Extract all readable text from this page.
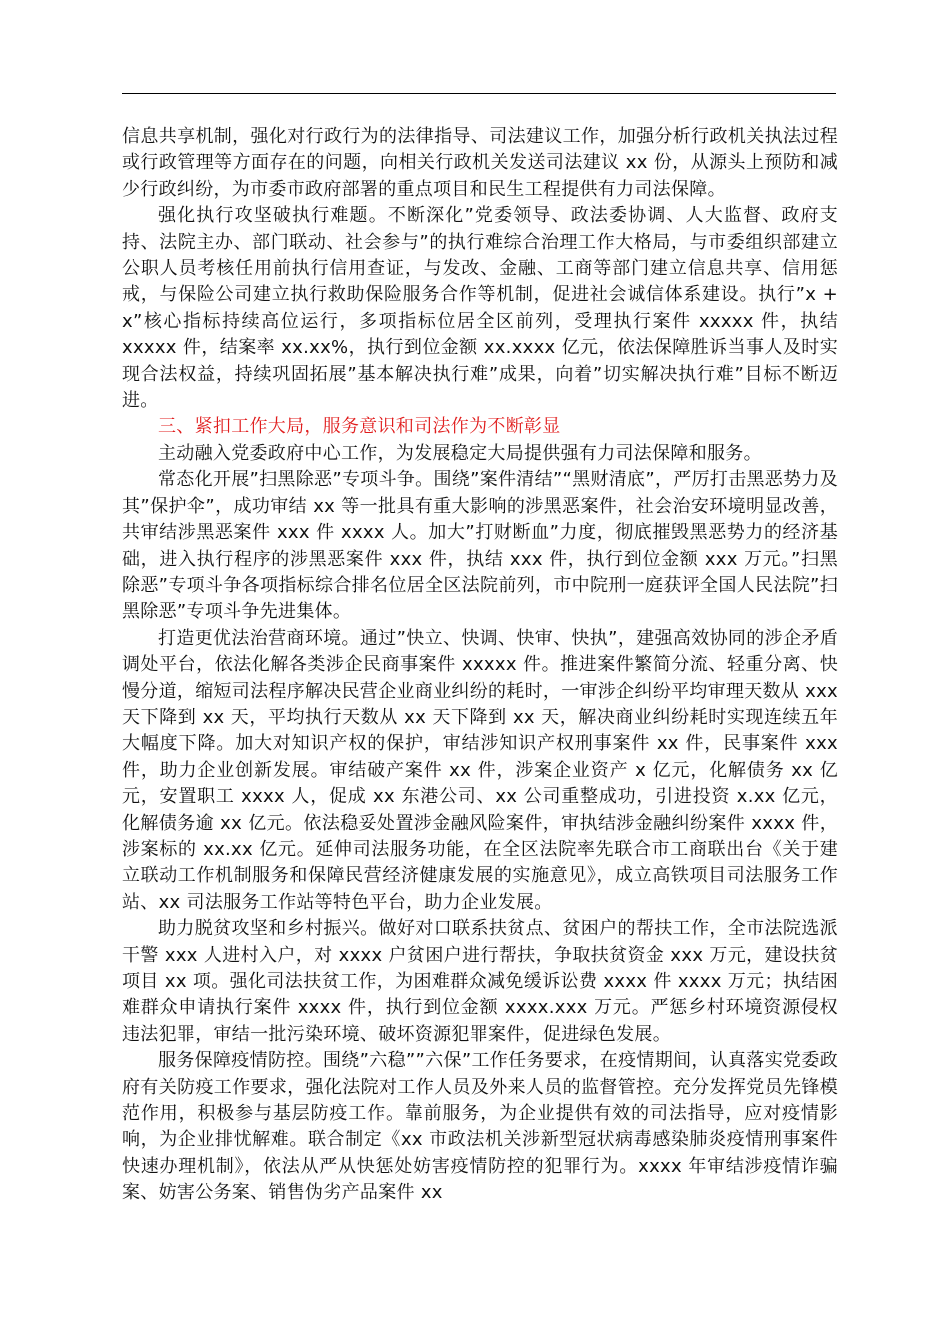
信息共享机制，强化对行政行为的法律指导、司法建议工作，加强分析行政机关执法过程或行政管理等方面存在的问题，向相关行政机关发送司法建议 xx 份，从源头上预防和减少行政纠纷，为市委市政府部署的重点项目和民生工程提供有力司法保障。

强化执行攻坚破执行难题。不断深化”党委领导、政法委协调、人大监督、政府支持、法院主办、部门联动、社会参与”的执行难综合治理工作大格局，与市委组织部建立公职人员考核任用前执行信用查证，与发改、金融、工商等部门建立信息共享、信用惩戒，与保险公司建立执行救助保险服务合作等机制，促进社会诚信体系建设。执行”x + x”核心指标持续高位运行，多项指标位居全区前列，受理执行案件 xxxxx 件，执结 xxxxx 件，结案率 xx.xx%，执行到位金额 xx.xxxx 亿元，依法保障胜诉当事人及时实现合法权益，持续巩固拓展”基本解决执行难”成果，向着”切实解决执行难”目标不断迈进。

三、紧扣工作大局，服务意识和司法作为不断彰显

主动融入党委政府中心工作，为发展稳定大局提供强有力司法保障和服务。

常态化开展”扫黑除恶”专项斗争。围绕”案件清结”“黑财清底”，严厉打击黑恶势力及其”保护伞”，成功审结 xx 等一批具有重大影响的涉黑恶案件，社会治安环境明显改善，共审结涉黑恶案件 xxx 件 xxxx 人。加大”打财断血”力度，彻底摧毁黑恶势力的经济基础，进入执行程序的涉黑恶案件 xxx 件，执结 xxx 件，执行到位金额 xxx 万元。”扫黑除恶”专项斗争各项指标综合排名位居全区法院前列，市中院刑一庭获评全国人民法院”扫黑除恶”专项斗争先进集体。

打造更优法治营商环境。通过”快立、快调、快审、快执”，建强高效协同的涉企矛盾调处平台，依法化解各类涉企民商事案件 xxxxx 件。推进案件繁简分流、轻重分离、快慢分道，缩短司法程序解决民营企业商业纠纷的耗时，一审涉企纠纷平均审理天数从 xxx 天下降到 xx 天，平均执行天数从 xx 天下降到 xx 天，解决商业纠纷耗时实现连续五年大幅度下降。加大对知识产权的保护，审结涉知识产权刑事案件 xx 件，民事案件 xxx 件，助力企业创新发展。审结破产案件 xx 件，涉案企业资产 x 亿元，化解债务 xx 亿元，安置职工 xxxx 人，促成 xx 东港公司、xx 公司重整成功，引进投资 x.xx 亿元，化解债务逾 xx 亿元。依法稳妥处置涉金融风险案件，审执结涉金融纠纷案件 xxxx 件，涉案标的 xx.xx 亿元。延伸司法服务功能，在全区法院率先联合市工商联出台《关于建立联动工作机制服务和保障民营经济健康发展的实施意见》，成立高铁项目司法服务工作站、xx 司法服务工作站等特色平台，助力企业发展。

助力脱贫攻坚和乡村振兴。做好对口联系扶贫点、贫困户的帮扶工作，全市法院选派干警 xxx 人进村入户，对 xxxx 户贫困户进行帮扶，争取扶贫资金 xxx 万元，建设扶贫项目 xx 项。强化司法扶贫工作，为困难群众减免缓诉讼费 xxxx 件 xxxx 万元；执结困难群众申请执行案件 xxxx 件，执行到位金额 xxxx.xxx 万元。严惩乡村环境资源侵权违法犯罪，审结一批污染环境、破坏资源犯罪案件，促进绿色发展。

服务保障疫情防控。围绕”六稳””六保”工作任务要求，在疫情期间，认真落实党委政府有关防疫工作要求，强化法院对工作人员及外来人员的监督管控。充分发挥党员先锋模范作用，积极参与基层防疫工作。靠前服务，为企业提供有效的司法指导，应对疫情影响，为企业排忧解难。联合制定《xx 市政法机关涉新型冠状病毒感染肺炎疫情刑事案件快速办理机制》，依法从严从快惩处妨害疫情防控的犯罪行为。xxxx 年审结涉疫情诈骗案、妨害公务案、销售伪劣产品案件 xx
